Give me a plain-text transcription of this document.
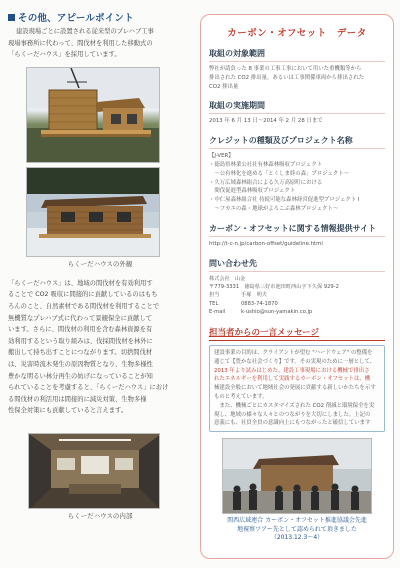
その他、アピールポイント
建設現場ごとに設置される従来型のプレハブ工事
現場事務所に代わって、間伐材を利用した移動式の
「らくーだハウス」を採用しています。
らくーだハウスの外観
「らくーだハウス」は、地域の間伐材を有効利用す
ることで CO2 吸収に間接的に貢献しているのはもち
ろんのこと、自然素材である間伐材を利用することで
無機質なプレハブ式に代わって景観保全に貢献して
います。さらに、間伐材の利用を含む森林資源を有
効利用するという取り組みは、伐採間伐材を林外に
搬出して持ち出すことにつながります。切捨間伐材
は、災害時流木発生の原因物質となり、生物多様性
豊かな明るい林分再生の妨げになっていることが知
られていることを考慮すると、「らくーだハウス」におけ
る間伐材の利活用は間接的に減災対策、生物多様
性保全対策にも貢献していると言えます。
らくーだハウスの内部
カーボン・オフセット　データ
取組の対象範囲
弊社が請負った 8 事業の工事工事において用いた重機類等から
排出された CO2 排出量。あるいは工事関係車両から排出された
CO2 排出量
取組の実施期間
2013 年 6 月 13 日〜2014 年 2 月 28 日まで
クレジットの種類及びプロジェクト名称
【J-VER】
・徳島県林業公社社有林森林吸収プロジェクト
　〜公有林化を進める「とくしま絆の森」プロジェクト〜
・久万広域森林組合による久万高原町における
　間伐促進型森林吸収プロジェクト
・中仁屋森林組合社 持続可能な森林経営促進型プロジェクト I
　〜フカエの森・地球がよろこぶ森林プロジェクト〜
カーボン・オフセットに関する情報提供サイト
http://t-c-n.jp/carbon-offset/guideline.html
問い合わせ先
株式会社　山金
〒779-3331　徳島県三好市池田町西山字下久保 929-2
担当	手塚　明夫
TEL	0883-74-1870
E-mail	k-ushio@sun-yamakin.co.jp
担当者からの一言メッセージ
建設事業の目的は、クライアントが望む "ハードウェア" の整備を
通じて【豊かな社会づくり】です。その実現のために一層として、
2013 年より試みはじめた、建設工事現場における機械で排出さ
れたエネルギーを利用して実践するカーボン・オフセットは、機
械建設全般において地域社会の発展に貢献する新しいかたちを示す
ものと考えています。
　また、機械ごとにカスタマイズされた CO2 削減と環境保全を実
現し、地域の様々な人々とのつながりを大切にしました。上記の
意義にも、社員全員の意識向上にもつながったと確信しています
関西広域連合 カーボン・オフセット推進協議会先進
地視察ツアー先として認められて頂きました
（2013.12.3〜4）
